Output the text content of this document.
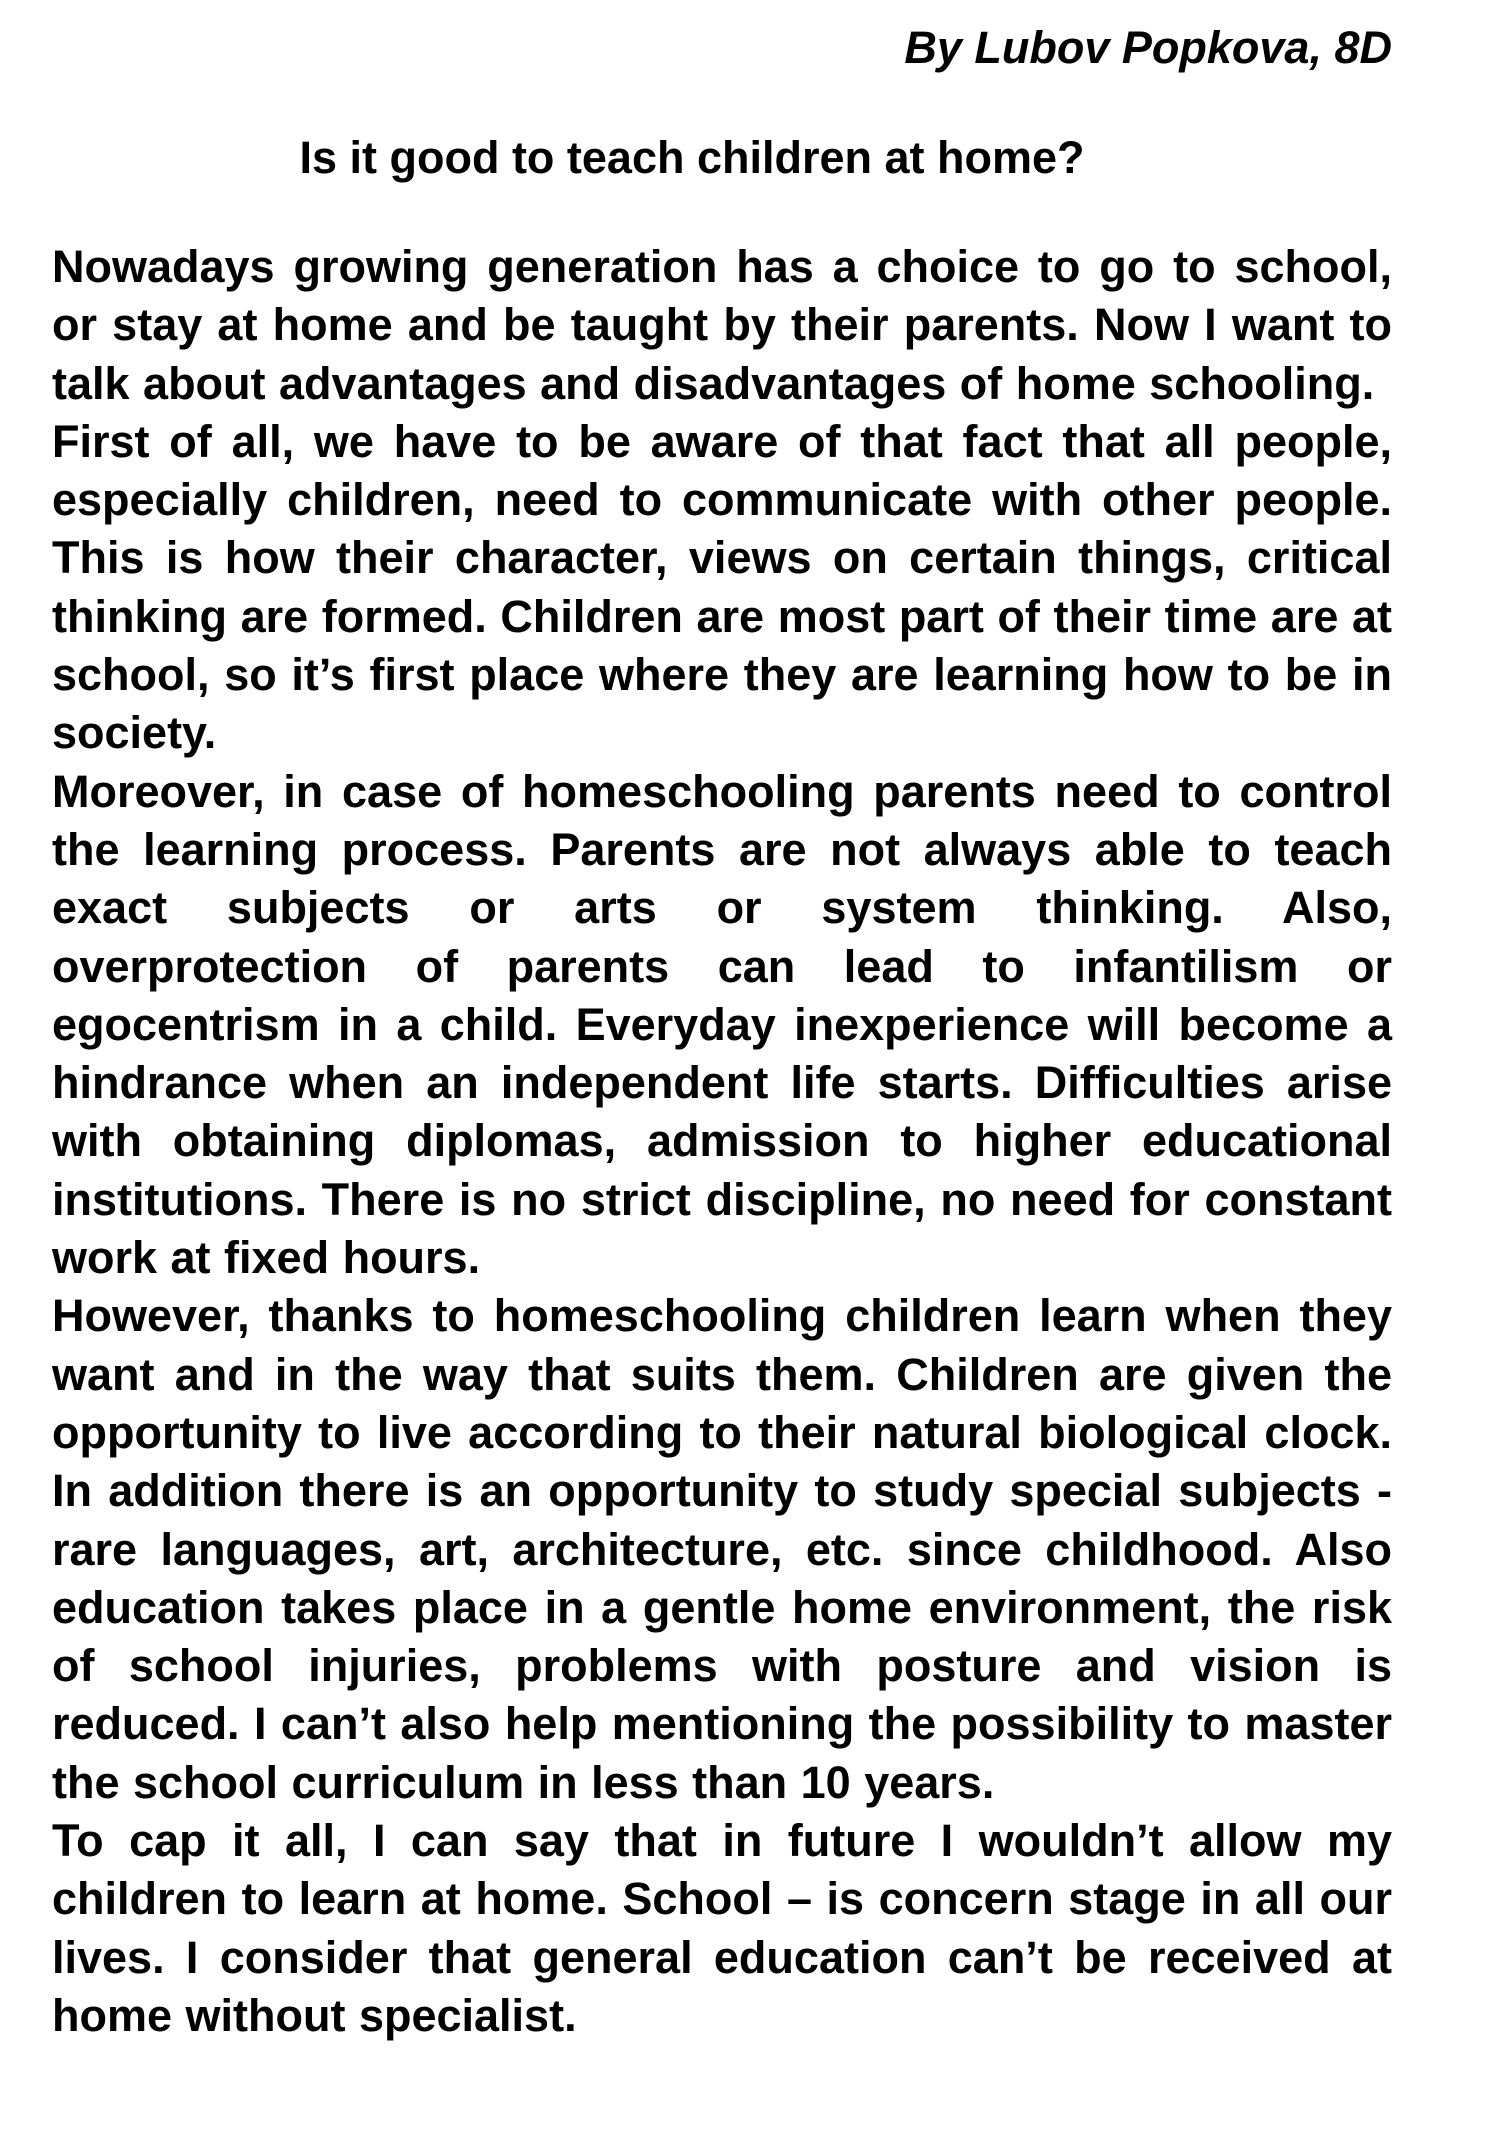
By Lubov Popkova, 8D
Is it good to teach children at home?

Nowadays growing generation has a choice to go to school, or stay at home and be taught by their parents. Now I want to talk about advantages and disadvantages of home schooling.

First of all, we have to be aware of that fact that all people, especially children, need to communicate with other people. This is how their character, views on certain things, critical thinking are formed. Children are most part of their time are at school, so it’s first place where they are learning how to be in society.

Moreover, in case of homeschooling parents need to control the learning process. Parents are not always able to teach exact subjects or arts or system thinking. Also, overprotection of parents can lead to infantilism or egocentrism in a child. Everyday inexperience will become a hindrance when an independent life starts. Difficulties arise with obtaining diplomas, admission to higher educational institutions. There is no strict discipline, no need for constant work at fixed hours.

However, thanks to homeschooling children learn when they want and in the way that suits them. Children are given the opportunity to live according to their natural biological clock. In addition there is an opportunity to study special subjects - rare languages, art, architecture, etc. since childhood. Also education takes place in a gentle home environment, the risk of school injuries, problems with posture and vision is reduced. I can’t also help mentioning the possibility to master the school curriculum in less than 10 years.

To cap it all, I can say that in future I wouldn’t allow my children to learn at home. School – is concern stage in all our lives. I consider that general education can’t be received at home without specialist.
